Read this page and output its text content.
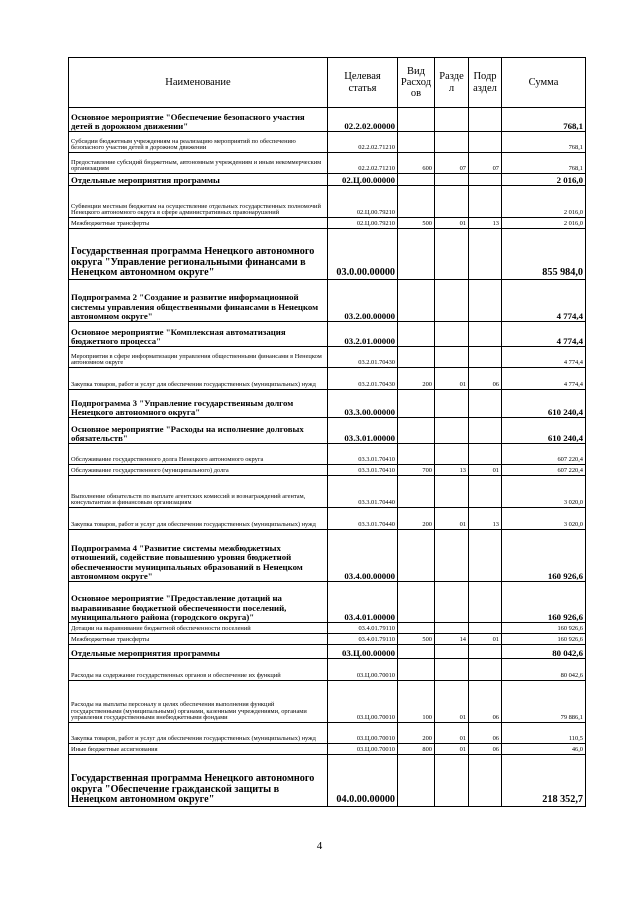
Наименование	Целевая статья	Вид Расход ов	Разде л	Подр аздел	Сумма
Основное мероприятие "Обеспечение безопасного участия детей в дорожном движении"	02.2.02.00000				768,1
Субсидии бюджетным учреждениям на реализацию мероприятий по обеспечению безопасного участия детей в дорожном движении	02.2.02.71210				768,1
Предоставление субсидий бюджетным, автономным учреждениям и иным некоммерческим организациям	02.2.02.71210	600	07	07	768,1
Отдельные мероприятия программы	02.Ц.00.00000				2 016,0
Субвенции местным бюджетам на осуществление отдельных государственных полномочий Ненецкого автономного округа в сфере административных правонарушений	02.Ц.00.79210				2 016,0
Межбюджетные трансферты	02.Ц.00.79210	500	01	13	2 016,0
Государственная программа Ненецкого автономного округа "Управление региональными финансами в Ненецком автономном округе"	03.0.00.00000				855 984,0
Подпрограмма 2 "Создание и развитие информационной системы управления общественными финансами в Ненецком автономном округе"	03.2.00.00000				4 774,4
Основное мероприятие "Комплексная автоматизация бюджетного процесса"	03.2.01.00000				4 774,4
Мероприятия в сфере информатизации управления общественными финансами в Ненецком автономном округе	03.2.01.70430				4 774,4
Закупка товаров, работ и услуг для обеспечения государственных (муниципальных) нужд	03.2.01.70430	200	01	06	4 774,4
Подпрограмма 3 "Управление государственным долгом Ненецкого автономного округа"	03.3.00.00000				610 240,4
Основное мероприятие "Расходы на исполнение долговых обязательств"	03.3.01.00000				610 240,4
Обслуживание государственного долга Ненецкого автономного округа	03.3.01.70410				607 220,4
Обслуживание государственного (муниципального) долга	03.3.01.70410	700	13	01	607 220,4
Выполнение обязательств по выплате агентских комиссий и вознаграждений агентам, консультантам и финансовым организациям	03.3.01.70440				3 020,0
Закупка товаров, работ и услуг для обеспечения государственных (муниципальных) нужд	03.3.01.70440	200	01	13	3 020,0
Подпрограмма 4 "Развитие системы межбюджетных отношений, содействие повышению уровня бюджетной обеспеченности муниципальных образований в Ненецком автономном округе"	03.4.00.00000				160 926,6
Основное мероприятие "Предоставление дотаций на выравнивание бюджетной обеспеченности поселений, муниципального района (городского округа)"	03.4.01.00000				160 926,6
Дотации на выравнивание бюджетной обеспеченности поселений	03.4.01.79110				160 926,6
Межбюджетные трансферты	03.4.01.79110	500	14	01	160 926,6
Отдельные мероприятия программы	03.Ц.00.00000				80 042,6
Расходы на содержание государственных органов и обеспечение их функций	03.Ц.00.70010				80 042,6
Расходы на выплаты персоналу в целях обеспечения выполнения функций государственными (муниципальными) органами, казенными учреждениями, органами управления государственными внебюджетными фондами	03.Ц.00.70010	100	01	06	79 886,1
Закупка товаров, работ и услуг для обеспечения государственных (муниципальных) нужд	03.Ц.00.70010	200	01	06	110,5
Иные бюджетные ассигнования	03.Ц.00.70010	800	01	06	46,0
Государственная программа Ненецкого автономного округа "Обеспечение гражданской защиты в Ненецком автономном округе"	04.0.00.00000				218 352,7
4
